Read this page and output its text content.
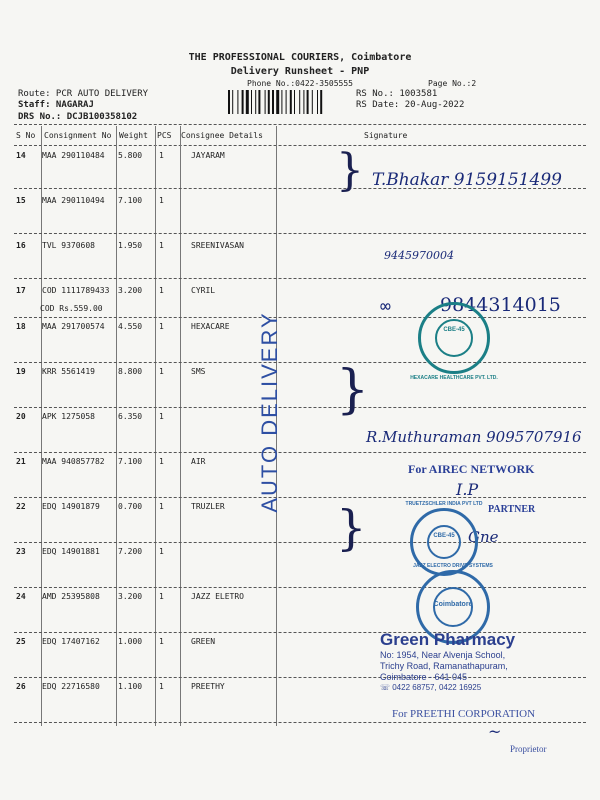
THE PROFESSIONAL COURIERS, Coimbatore
Delivery Runsheet - PNP
Phone No.:0422-3505555	Page No.:2
Route: PCR AUTO DELIVERY
Staff: NAGARAJ
DRS No.: DCJB100358102
RS No.: 1003581
RS Date: 20-Aug-2022
S No Consignment No Weight PCS Consignee Details	Signature
14 MAA 290110484 5.800 1	JAYARAM
15 MAA 290110494 7.100 1
16 TVL 9370608	1.950 1	SREENIVASAN
17 COD 1111789433 3.200 1	CYRIL
COD Rs.559.00
18 MAA 291700574 4.550 1	HEXACARE
19 KRR 5561419	8.800 1	SMS
20 APK 1275058	6.350 1
21 MAA 940857782 7.100 1	AIR
22 EDQ 14901879 0.700 1	TRUZLER
23 EDQ 14901881 7.200 1
24 AMD 25395808 3.200 1	JAZZ ELETRO
25 EDQ 17407162 1.000 1	GREEN
26 EDQ 22716580 1.100 1	PREETHY
AUTO DELIVERY
}
}
}
T.Bhakar 9159151499
9445970004
9844314015
∞
R.Muthuraman 9095707916
I.P
Gne
For AIREC NETWORK
PARTNER
CBE-45
HEXACARE HEALTHCARE PVT. LTD.
CBE-45
TRUETZSCHLER INDIA PVT LTD
Coimbatore
JAZZ ELECTRO DRIVE SYSTEMS
Green Pharmacy
No: 1954, Near Alvenja School,
Trichy Road, Ramanathapuram,
Coimbatore - 641 045
☏ 0422 68757, 0422 16925
For PREETHI CORPORATION
Proprietor
~
